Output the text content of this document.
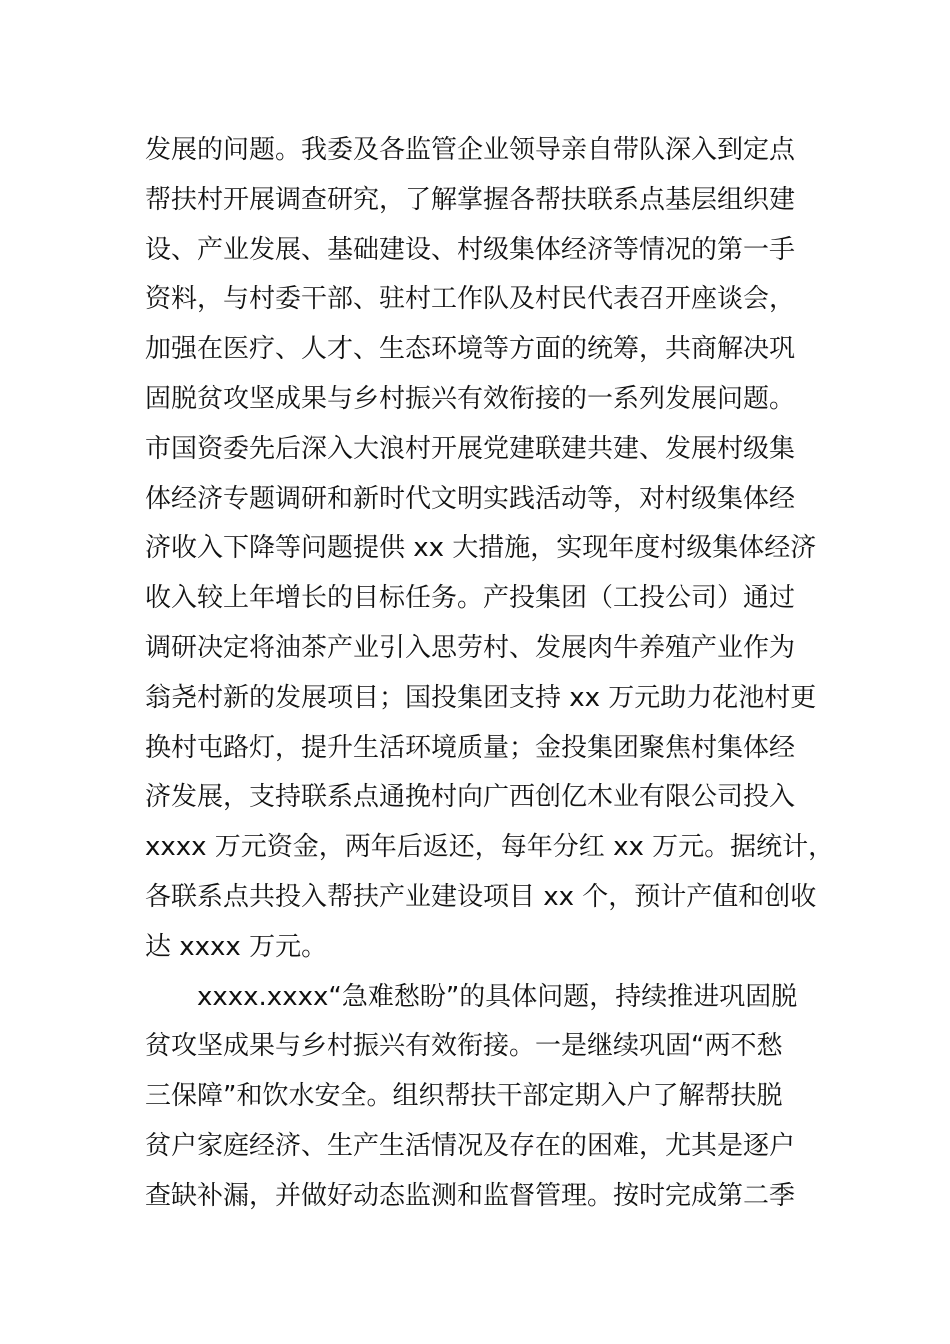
发展的问题。我委及各监管企业领导亲自带队深入到定点
帮扶村开展调查研究，了解掌握各帮扶联系点基层组织建
设、产业发展、基础建设、村级集体经济等情况的第一手
资料，与村委干部、驻村工作队及村民代表召开座谈会，
加强在医疗、人才、生态环境等方面的统筹，共商解决巩
固脱贫攻坚成果与乡村振兴有效衔接的一系列发展问题。
市国资委先后深入大浪村开展党建联建共建、发展村级集
体经济专题调研和新时代文明实践活动等，对村级集体经
济收入下降等问题提供 xx 大措施，实现年度村级集体经济
收入较上年增长的目标任务。产投集团（工投公司）通过
调研决定将油茶产业引入思劳村、发展肉牛养殖产业作为
翁尧村新的发展项目；国投集团支持 xx 万元助力花池村更
换村屯路灯，提升生活环境质量；金投集团聚焦村集体经
济发展，支持联系点通挽村向广西创亿木业有限公司投入
xxxx 万元资金，两年后返还，每年分红 xx 万元。据统计，
各联系点共投入帮扶产业建设项目 xx 个，预计产值和创收
达 xxxx 万元。
xxxx.xxxx“急难愁盼”的具体问题，持续推进巩固脱
贫攻坚成果与乡村振兴有效衔接。一是继续巩固“两不愁
三保障”和饮水安全。组织帮扶干部定期入户了解帮扶脱
贫户家庭经济、生产生活情况及存在的困难，尤其是逐户
查缺补漏，并做好动态监测和监督管理。按时完成第二季
